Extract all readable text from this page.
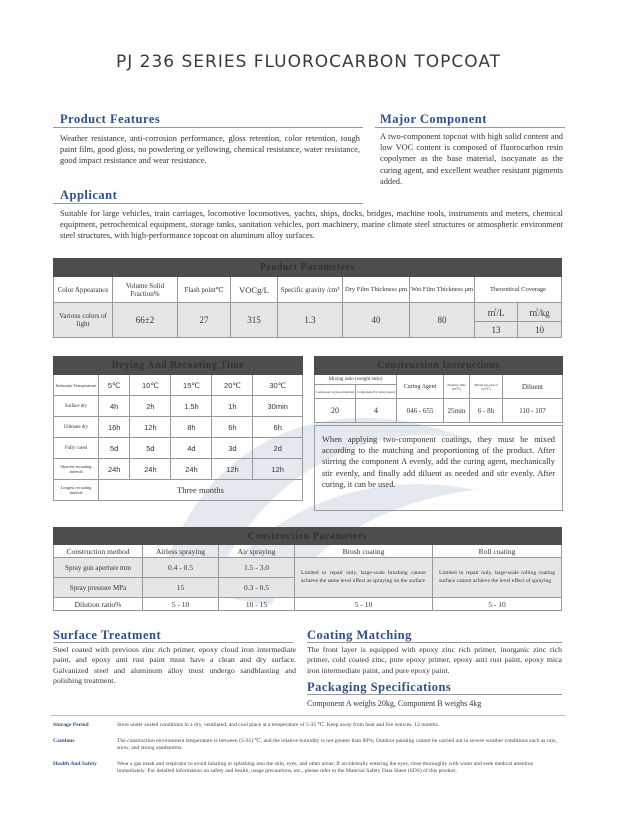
PJ 236 SERIES FLUOROCARBON TOPCOAT
Product Features
Weather resistance, anti-corrosion performance, gloss retention, color retention, tough paint film, good gloss, no powdering or yellowing, chemical resistance, water resistance, good impact resistance and wear resistance.
Major Component
A two-component topcoat with high solid content and low VOC content is composed of fluorocarbon resin copolymer as the base material, isocyanate as the curing agent, and excellent weather resistant pigments added.
Applicant
Suitable for large vehicles, train carriages, locomotive locomotives, yachts, ships, docks, bridges, machine tools, instruments and meters, chemical equipment, petrochemical equipment, storage tanks, sanitation vehicles, port machinery, marine climate steel structures or atmospheric environment steel structures, with high-performance topcoat on aluminum alloy surfaces.
Product Parameters								
Color Appearance	Volume Solid Fraction%	Flash point℃	VOCg/L	Specific gravity /cm³	Dry Film Thickness μm	Wet Film Thickness μm	Theoretical Coverage	
Various colors of light	66±2	27	315	1.3	40	80	㎡/L	㎡/kg
							13	10
Drying And Recoating Time					
Substrate Temperature	5℃	10℃	15℃	20℃	30℃
Surface dry	4h	2h	1.5h	1h	30min
Ultimate dry	16h	12h	8h	6h	6h
Fully cured	5d	5d	4d	3d	2d
Shortest recoating interval	24h	24h	24h	12h	12h
Longest recoating interval	Three months				
Construction Instructions					
Mixing ratio (weight ratio)		Curing Agent	Maturity time (25℃)	Mixed use period (25℃)	Diluent
Component A (base material)	Component B (curing agent)				
20	4	046 - 655	25min	6 - 8h	110 - 107
When applying two-component coatings, they must be mixed according to the matching and proportioning of the product. After stirring the component A evenly, add the curing agent, mechanically stir evenly, and finally add diluent as needed and stir evenly. After curing, it can be used.
Construction Parameters				
Construction method	Airless spraying	Air spraying	Brush coating	Roll coating
Spray gun aperture mm	0.4 - 0.5	1.5 - 3.0	Limited to repair only, large-scale brushing cannot achieve the same level effect as spraying on the surface	Limited to repair only, large-scale rolling coating surface cannot achieve the level effect of spraying
Spray pressure MPa	15	0.3 - 0.5		
Dilution ratio%	5 - 10	10 - 15	5 - 10	5 - 10
Surface Treatment
Steel coated with previous zinc rich primer, epoxy cloud iron intermediate paint, and epoxy anti rust paint must have a clean and dry surface. Galvanized steel and aluminum alloy must undergo sandblasting and polishing treatment.
Coating Matching
The front layer is equipped with epoxy zinc rich primer, inorganic zinc rich primer, cold coated zinc, pure epoxy primer, epoxy anti rust paint, epoxy mica iron intermediate paint, and pure epoxy paint.
Packaging Specifications
Component A weighs 20kg, Component B weighs 4kg
Storage Period	Store under sealed conditions in a dry, ventilated, and cool place at a temperature of 5-35 ℃. Keep away from heat and fire sources. 12 months.
Cautions	The construction environment temperature is between (5-35) ℃, and the relative humidity is not greater than 80%; Outdoor painting cannot be carried out in severe weather conditions such as rain, snow, and strong sandstorms.
Health And Safety	Wear a gas mask and respirator to avoid inhaling or splashing into the skin, eyes, and other areas; If accidentally entering the eyes, rinse thoroughly with water and seek medical attention immediately. For detailed information on safety and health, usage precautions, etc., please refer to the Material Safety Data Sheet (SDS) of this product.
